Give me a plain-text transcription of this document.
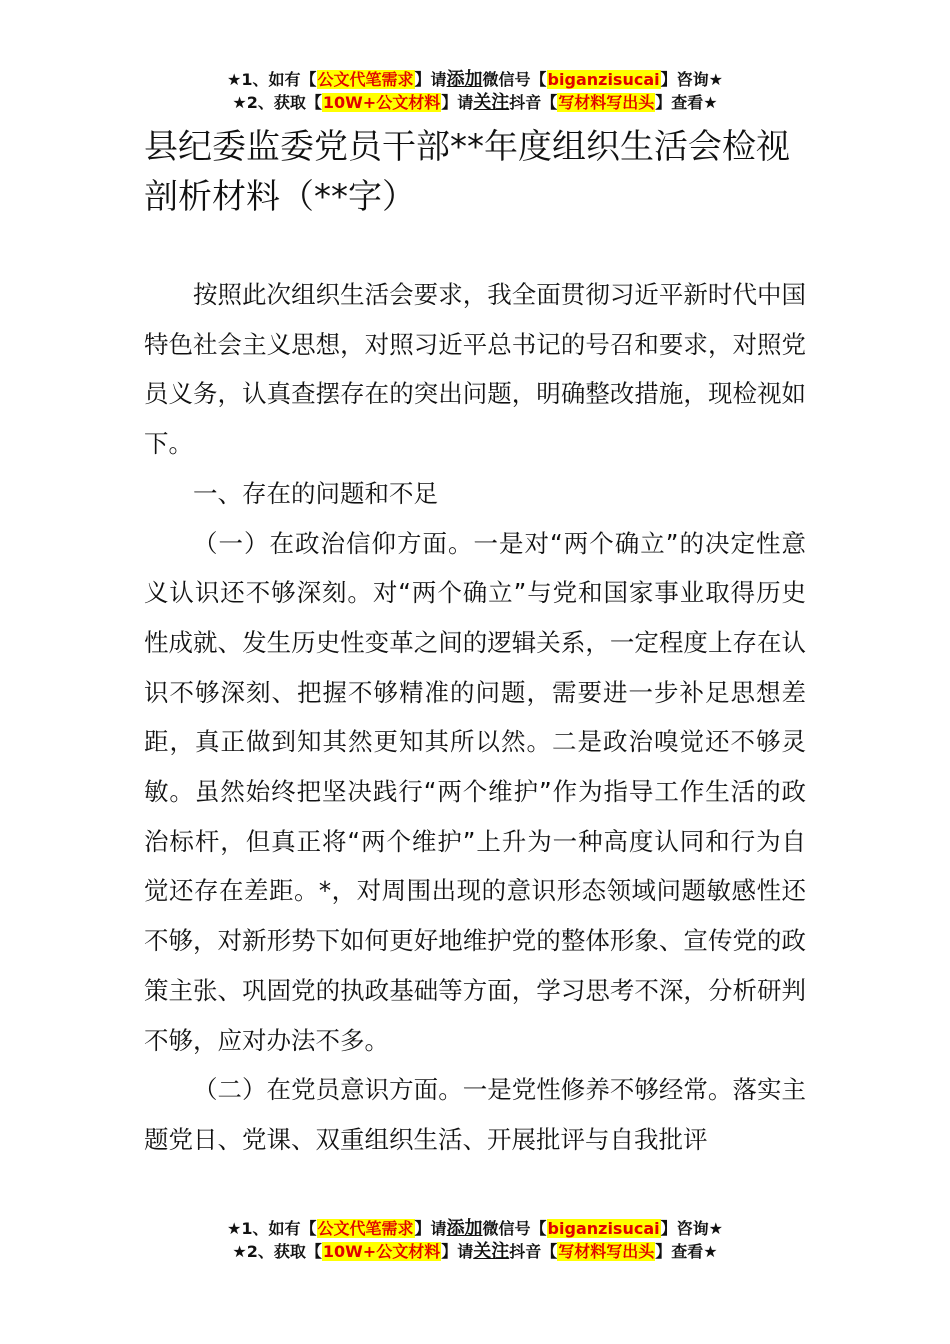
★1、如有【公文代笔需求】请添加微信号【biganzisucai】咨询★
★2、获取【10W+公文材料】请关注抖音【写材料写出头】查看★
县纪委监委党员干部**年度组织生活会检视剖析材料（**字）

按照此次组织生活会要求，我全面贯彻习近平新时代中国特色社会主义思想，对照习近平总书记的号召和要求，对照党员义务，认真查摆存在的突出问题，明确整改措施，现检视如下。

一、存在的问题和不足

（一）在政治信仰方面。一是对“两个确立”的决定性意义认识还不够深刻。对“两个确立”与党和国家事业取得历史性成就、发生历史性变革之间的逻辑关系，一定程度上存在认识不够深刻、把握不够精准的问题，需要进一步补足思想差距，真正做到知其然更知其所以然。二是政治嗅觉还不够灵敏。虽然始终把坚决践行“两个维护”作为指导工作生活的政治标杆，但真正将“两个维护”上升为一种高度认同和行为自觉还存在差距。*，对周围出现的意识形态领域问题敏感性还不够，对新形势下如何更好地维护党的整体形象、宣传党的政策主张、巩固党的执政基础等方面，学习思考不深，分析研判不够，应对办法不多。

（二）在党员意识方面。一是党性修养不够经常。落实主题党日、党课、双重组织生活、开展批评与自我批评

★1、如有【公文代笔需求】请添加微信号【biganzisucai】咨询★
★2、获取【10W+公文材料】请关注抖音【写材料写出头】查看★
